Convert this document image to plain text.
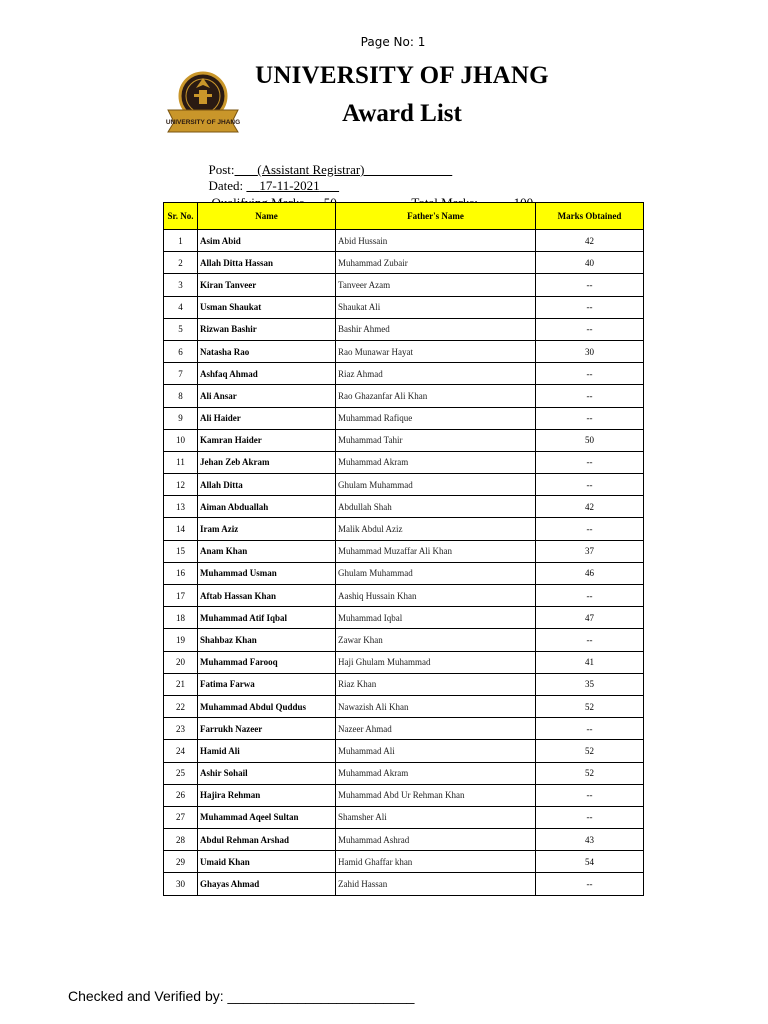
Page No: 1
UNIVERSITY OF JHANG
UNIVERSITY OF JHANG
Award List

Post: (Assistant Registrar)
Dated: 17-11-2021

Sr. No.	Name	Father's Name	Marks Obtained
1	Asim Abid	Abid Hussain	42
2	Allah Ditta Hassan	Muhammad Zubair	40
3	Kiran Tanveer	Tanveer Azam	--
4	Usman Shaukat	Shaukat Ali	--
5	Rizwan Bashir	Bashir Ahmed	--
6	Natasha Rao	Rao Munawar Hayat	30
7	Ashfaq Ahmad	Riaz Ahmad	--
8	Ali Ansar	Rao Ghazanfar Ali Khan	--
9	Ali Haider	Muhammad Rafique	--
10	Kamran Haider	Muhammad Tahir	50
11	Jehan Zeb Akram	Muhammad Akram	--
12	Allah Ditta	Ghulam Muhammad	--
13	Aiman Abduallah	Abdullah Shah	42
14	Iram Aziz	Malik Abdul Aziz	--
15	Anam Khan	Muhammad Muzaffar Ali Khan	37
16	Muhammad Usman	Ghulam Muhammad	46
17	Aftab Hassan Khan	Aashiq Hussain Khan	--
18	Muhammad Atif Iqbal	Muhammad Iqbal	47
19	Shahbaz Khan	Zawar Khan	--
20	Muhammad Farooq	Haji Ghulam Muhammad	41
21	Fatima Farwa	Riaz Khan	35
22	Muhammad Abdul Quddus	Nawazish Ali Khan	52
23	Farrukh Nazeer	Nazeer Ahmad	--
24	Hamid Ali	Muhammad Ali	52
25	Ashir Sohail	Muhammad Akram	52
26	Hajira Rehman	Muhammad Abd Ur Rehman Khan	--
27	Muhammad Aqeel Sultan	Shamsher Ali	--
28	Abdul Rehman Arshad	Muhammad Ashrad	43
29	Umaid Khan	Hamid Ghaffar khan	54
30	Ghayas Ahmad	Zahid Hassan	--
Checked and Verified by: ________________________
